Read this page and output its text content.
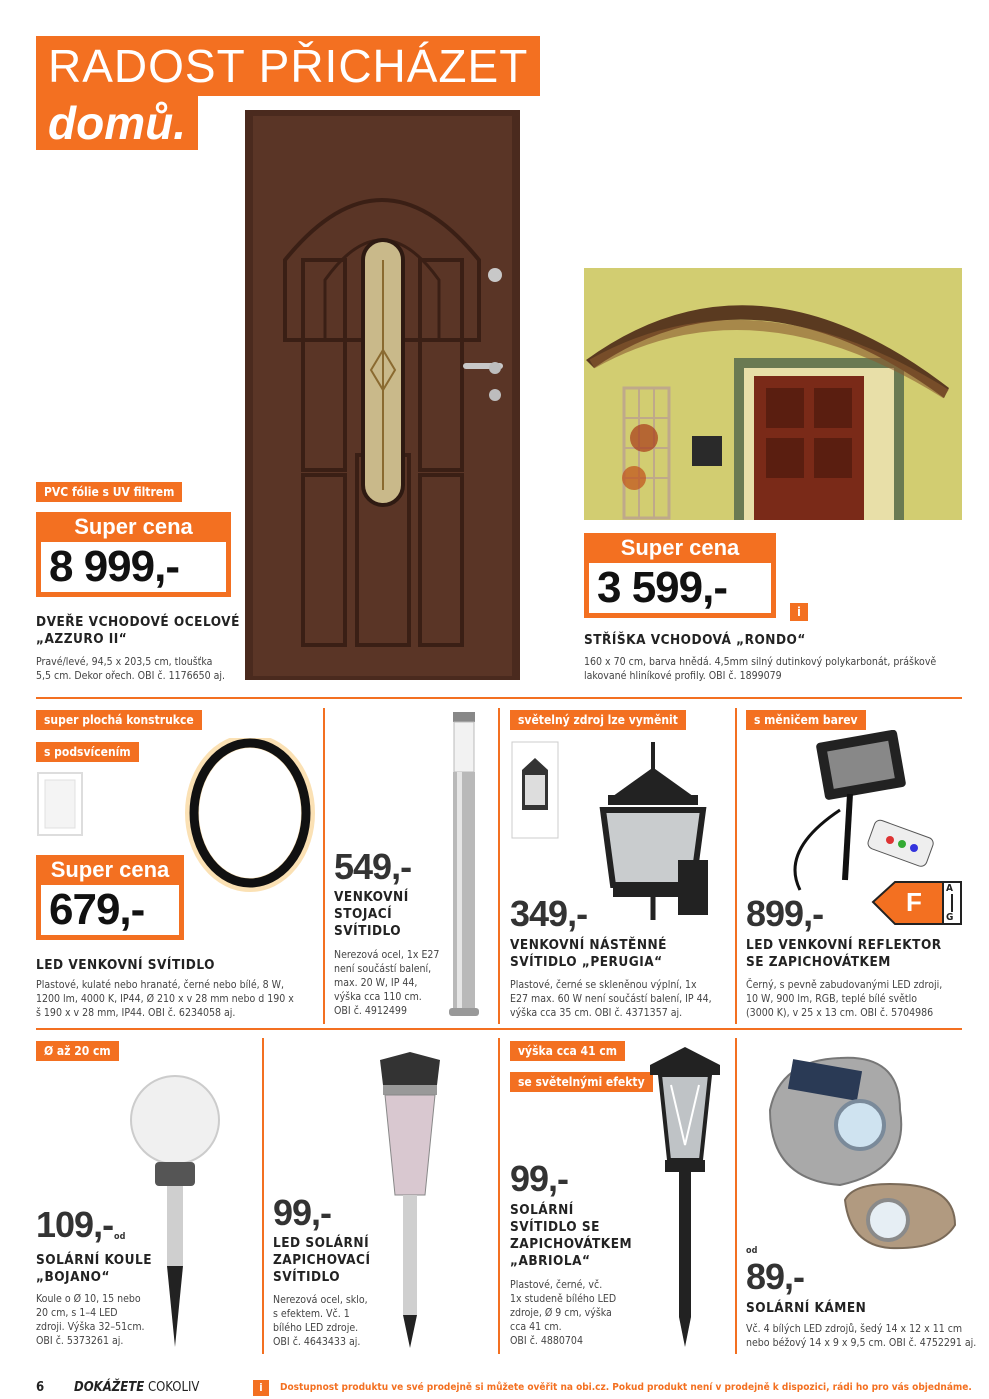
RADOST PŘICHÁZET
domů.
PVC fólie s UV filtrem
Super cena
8 999,-
DVEŘE VCHODOVÉ OCELOVÉ
„AZZURO II“
Pravé/levé, 94,5 x 203,5 cm, tloušťka
5,5 cm. Dekor ořech. OBI č. 1176650 aj.
Super cena
3 599,-	i
STŘÍŠKA VCHODOVÁ „RONDO“
160 x 70 cm, barva hnědá. 4,5mm silný dutinkový polykarbonát, práškově
lakované hliníkové profily. OBI č. 1899079
super plochá konstrukce
s podsvícením
Super cena
679,-
LED VENKOVNÍ SVÍTIDLO
Plastové, kulaté nebo hranaté, černé nebo bílé, 8 W,
1200 lm, 4000 K, IP44, Ø 210 x v 28 mm nebo d 190 x
š 190 x v 28 mm, IP44. OBI č. 6234058 aj.
549,-
VENKOVNÍ
STOJACÍ
SVÍTIDLO
Nerezová ocel, 1x E27
není součástí balení,
max. 20 W, IP 44,
výška cca 110 cm.
OBI č. 4912499
světelný zdroj lze vyměnit
349,-
VENKOVNÍ NÁSTĚNNÉ
SVÍTIDLO „PERUGIA“
Plastové, černé se skleněnou výplní, 1x
E27 max. 60 W není součástí balení, IP 44,
výška cca 35 cm. OBI č. 4371357 aj.
s měničem barev
F A
G
899,-
LED VENKOVNÍ REFLEKTOR
SE ZAPICHOVÁTKEM
Černý, s pevně zabudovanými LED zdroji,
10 W, 900 lm, RGB, teplé bílé světlo
(3000 K), v 25 x 13 cm. OBI č. 5704986
Ø až 20 cm
109,- od
SOLÁRNÍ KOULE
„BOJANO“
Koule o Ø 10, 15 nebo
20 cm, s 1–4 LED
zdroji. Výška 32–51cm.
OBI č. 5373261 aj.
99,-
LED SOLÁRNÍ
ZAPICHOVACÍ
SVÍTIDLO
Nerezová ocel, sklo,
s efektem. Vč. 1
bílého LED zdroje.
OBI č. 4643433 aj.
výška cca 41 cm
se světelnými efekty
99,-
SOLÁRNÍ
SVÍTIDLO SE
ZAPICHOVÁTKEM
„ABRIOLA“
Plastové, černé, vč.
1x studeně bílého LED
zdroje, Ø 9 cm, výška
cca 41 cm.
OBI č. 4880704
od
89,-
SOLÁRNÍ KÁMEN
Vč. 4 bílých LED zdrojů, šedý 14 x 12 x 11 cm
nebo béžový 14 x 9 x 9,5 cm. OBI č. 4752291 aj.
6 DOKÁŽETE COKOLIV	i	Dostupnost produktu ve své prodejně si můžete ověřit na obi.cz. Pokud produkt není v prodejně k dispozici, rádi ho pro vás objednáme.
